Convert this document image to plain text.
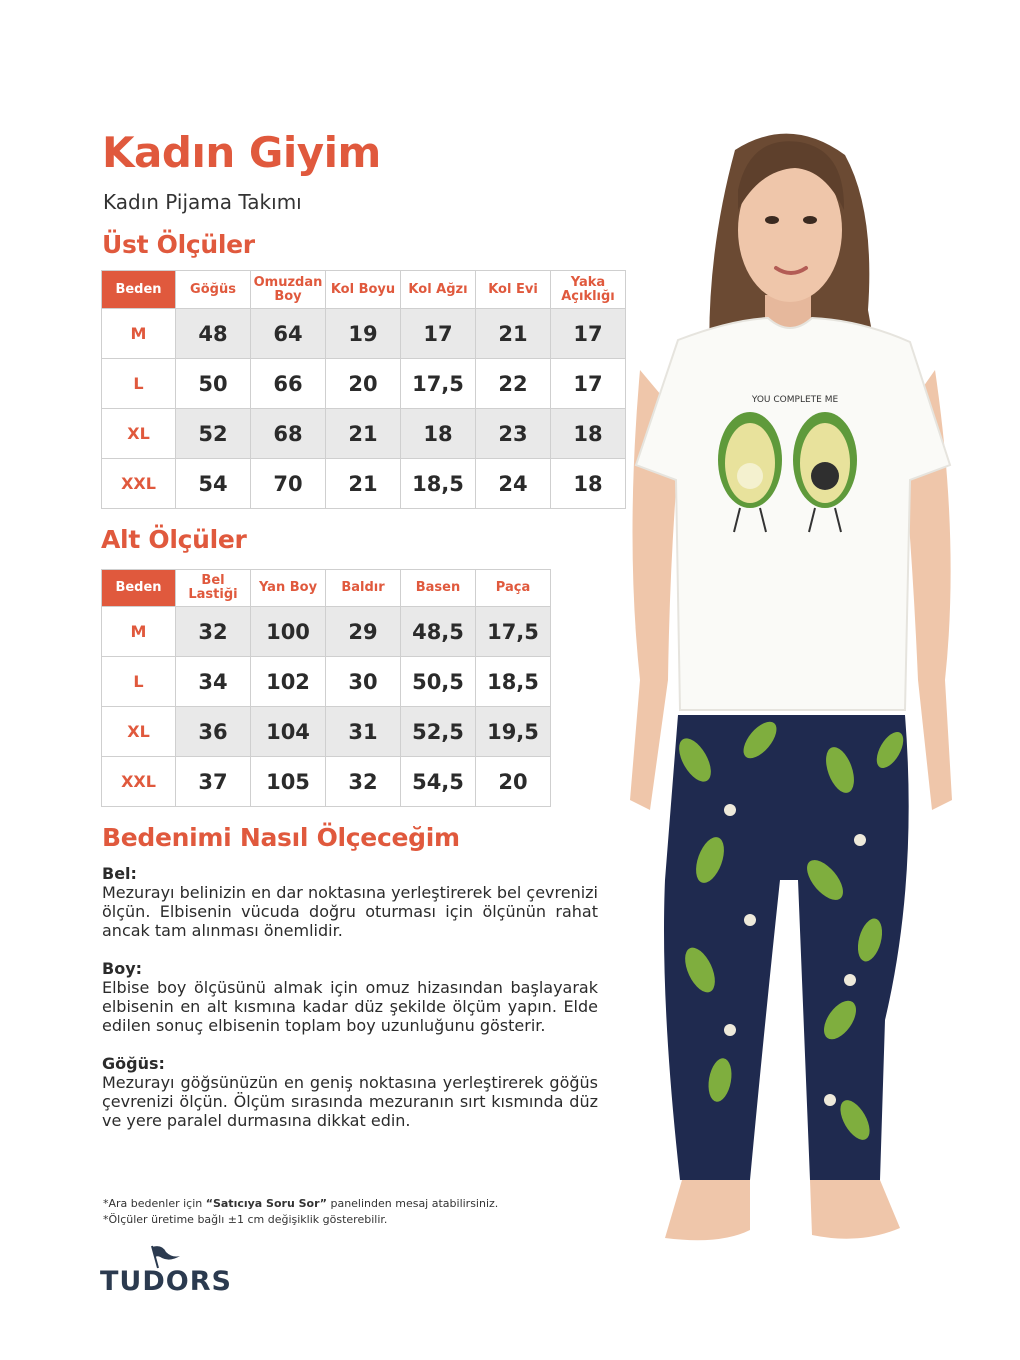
Kadın Giyim
Kadın Pijama Takımı
Üst Ölçüler
Beden	Göğüs	Omuzdan Boy	Kol Boyu	Kol Ağzı	Kol Evi	Yaka Açıklığı
M	48	64	19	17	21	17
L	50	66	20	17,5	22	17
XL	52	68	21	18	23	18
XXL	54	70	21	18,5	24	18
Alt Ölçüler
Beden	Bel Lastiği	Yan Boy	Baldır	Basen	Paça
M	32	100	29	48,5	17,5
L	34	102	30	50,5	18,5
XL	36	104	31	52,5	19,5
XXL	37	105	32	54,5	20
Bedenimi Nasıl Ölçeceğim
Bel:
Mezurayı belinizin en dar noktasına yerleştirerek bel çevrenizi ölçün. Elbisenin vücuda doğru oturması için ölçünün rahat ancak tam alınması önemlidir.
Boy:
Elbise boy ölçüsünü almak için omuz hizasından başlayarak elbisenin en alt kısmına kadar düz şekilde ölçüm yapın. Elde edilen sonuç elbisenin toplam boy uzunluğunu gösterir.
Göğüs:
Mezurayı göğsünüzün en geniş noktasına yerleştirerek göğüs çevrenizi ölçün. Ölçüm sırasında mezuranın sırt kısmında düz ve yere paralel durmasına dikkat edin.
*Ara bedenler için “Satıcıya Soru Sor” panelinden mesaj atabilirsiniz.
*Ölçüler üretime bağlı ±1 cm değişiklik gösterebilir.
TUDORS
YOU COMPLETE ME
